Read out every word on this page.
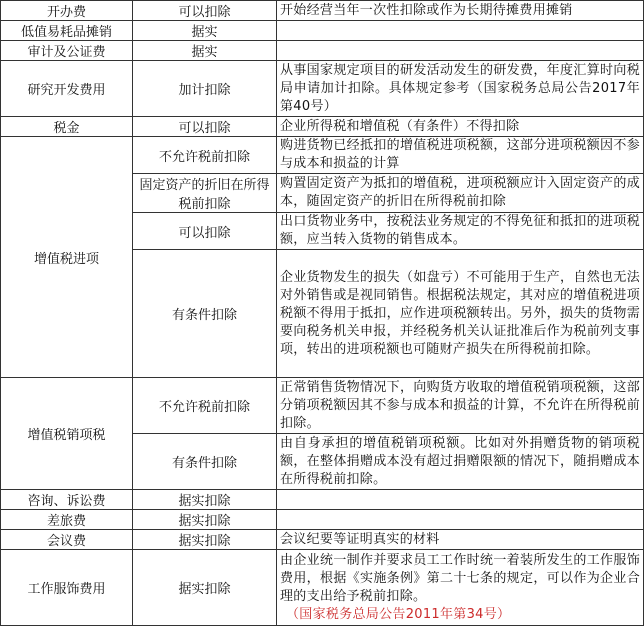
开办费	可以扣除	开始经营当年一次性扣除或作为长期待摊费用摊销
低值易耗品摊销	据实	
审计及公证费	据实	
研究开发费用	加计扣除	从事国家规定项目的研发活动发生的研发费，年度汇算时向税局申请加计扣除。具体规定参考（国家税务总局公告2017年第40号）
税金	可以扣除	企业所得税和增值税（有条件）不得扣除
增值税进项	不允许税前扣除	购进货物已经抵扣的增值税进项税额，这部分进项税额因不参与成本和损益的计算
	固定资产的折旧在所得税前扣除	购置固定资产为抵扣的增值税，进项税额应计入固定资产的成本，随固定资产的折旧在所得税前扣除
	可以扣除	出口货物业务中，按税法业务规定的不得免征和抵扣的进项税额，应当转入货物的销售成本。
	有条件扣除	企业货物发生的损失（如盘亏）不可能用于生产，自然也无法对外销售或是视同销售。根据税法规定，其对应的增值税进项税额不得用于抵扣，应作进项税额转出。另外，损失的货物需要向税务机关申报，并经税务机关认证批准后作为税前列支事项，转出的进项税额也可随财产损失在所得税前扣除。
增值税销项税	不允许税前扣除	正常销售货物情况下，向购货方收取的增值税销项税额，这部分销项税额因其不参与成本和损益的计算，不允许在所得税前扣除。
	有条件扣除	由自身承担的增值税销项税额。比如对外捐赠货物的销项税额，在整体捐赠成本没有超过捐赠限额的情况下，随捐赠成本在所得税前扣除。
咨询、诉讼费	据实扣除	
差旅费	据实扣除	
会议费	据实扣除	会议纪要等证明真实的材料
工作服饰费用	据实扣除	由企业统一制作并要求员工工作时统一着装所发生的工作服饰费用，根据《实施条例》第二十七条的规定，可以作为企业合理的支出给予税前扣除。
（国家税务总局公告2011年第34号）
